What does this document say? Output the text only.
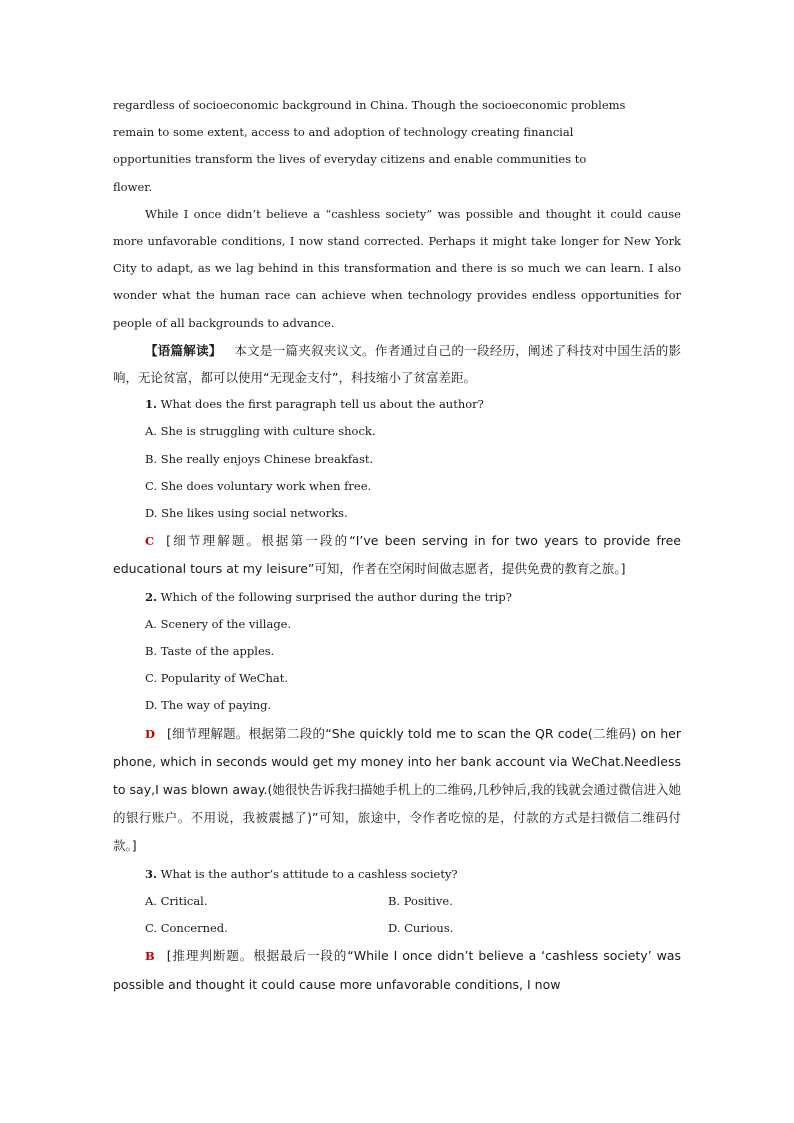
regardless of socioeconomic background in China. Though the socioeconomic problems

remain to some extent, access to and adoption of technology creating financial

opportunities transform the lives of everyday citizens and enable communities to

flower.

While I once didn’t believe a “cashless society” was possible and thought it could cause more unfavorable conditions, I now stand corrected. Perhaps it might take longer for New York City to adapt, as we lag behind in this transformation and there is so much we can learn. I also wonder what the human race can achieve when technology provides endless opportunities for people of all backgrounds to advance.

【语篇解读】 本文是一篇夹叙夹议文。作者通过自己的一段经历，阐述了科技对中国生活的影响，无论贫富，都可以使用“无现金支付”，科技缩小了贫富差距。

1. What does the first paragraph tell us about the author?

A. She is struggling with culture shock.

B. She really enjoys Chinese breakfast.

C. She does voluntary work when free.

D. She likes using social networks.

C [细节理解题。根据第一段的“I’ve been serving in for two years to provide free educational tours at my leisure”可知，作者在空闲时间做志愿者，提供免费的教育之旅。]

2. Which of the following surprised the author during the trip?

A. Scenery of the village.

B. Taste of the apples.

C. Popularity of WeChat.

D. The way of paying.

D [细节理解题。根据第二段的“She quickly told me to scan the QR code(二维码) on her phone, which in seconds would get my money into her bank account via WeChat.Needless to say,I was blown away.(她很快告诉我扫描她手机上的二维码,几秒钟后,我的钱就会通过微信进入她的银行账户。不用说，我被震撼了)”可知，旅途中，令作者吃惊的是，付款的方式是扫微信二维码付款。]

3. What is the author’s attitude to a cashless society?

A. Critical.	B. Positive.
C. Concerned.	D. Curious.

B [推理判断题。根据最后一段的“While I once didn’t believe a ‘cashless society’ was possible and thought it could cause more unfavorable conditions, I now
